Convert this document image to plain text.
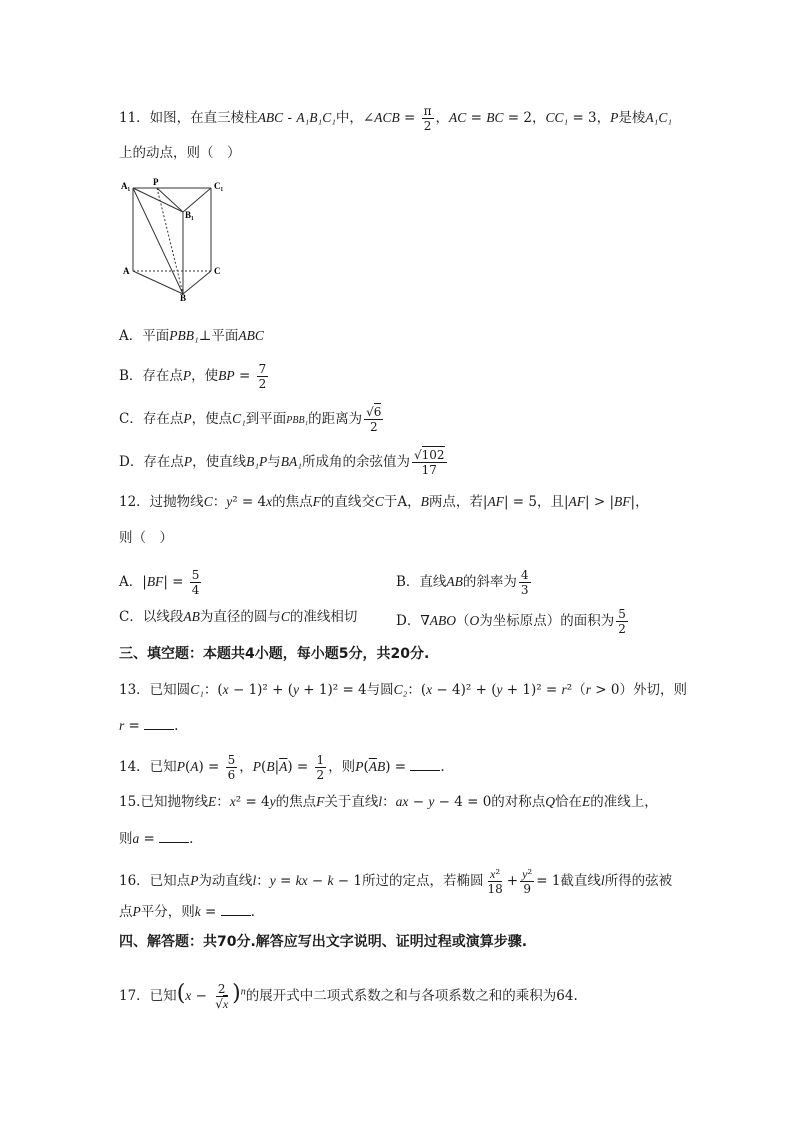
11．如图，在直三棱柱ABC - A₁B₁C₁中，∠ACB = $\frac{\pi}{2}$ ，AC = BC = 2，CC₁ = 3，P是棱A₁C₁
上的动点，则（　）
A₁	P	C₁
B₁
A	C
B
A．平面PBB₁⊥平面ABC
B．存在点P，使BP = $\frac{7}{2}$
C．存在点P，使点C₁到平面PBB₁的距离为 $\frac{√6}{2}$
D．存在点P，使直线B₁P与BA₁所成角的余弦值为 $\frac{√102}{17}$
12．过抛物线C：y² = 4x的焦点F的直线交C于A，B两点，若|AF| = 5，且|AF| > |BF|，
则（　）
A．$|BF| = \frac{5}{4}$	B．直线AB的斜率为 $\frac{4}{3}$
C．以线段AB为直径的圆与C的准线相切	D．∇ABO（O为坐标原点）的面积为 $\frac{5}{2}$
三、填空题：本题共4小题，每小题5分，共20分.
13．已知圆C₁：(x − 1)² + (y + 1)² = 4与圆C₂：(x − 4)² + (y + 1)² = r²（r > 0）外切，则
r = .
14．已知$P(A) = \frac{5}{6}$ ，$P(B|\overline{A}) = \frac{1}{2}$ ，则$P(\overline{A}B)$ = .
15.已知抛物线E：x² = 4y的焦点F关于直线l：ax − y − 4 = 0的对称点Q恰在E的准线上，
则a = .
16．已知点P为动直线l：y = kx − k − 1所过的定点，若椭圆 $\frac{\text{x²}}{18} + \frac{\text{y²}}{9} = 1$截直线l所得的弦被
点P平分，则k = .
四、解答题：共70分.解答应写出文字说明、证明过程或演算步骤.
17．已知$(x - \frac{2}{√x} )^n$的展开式中二项式系数之和与各项系数之和的乘积为64.
